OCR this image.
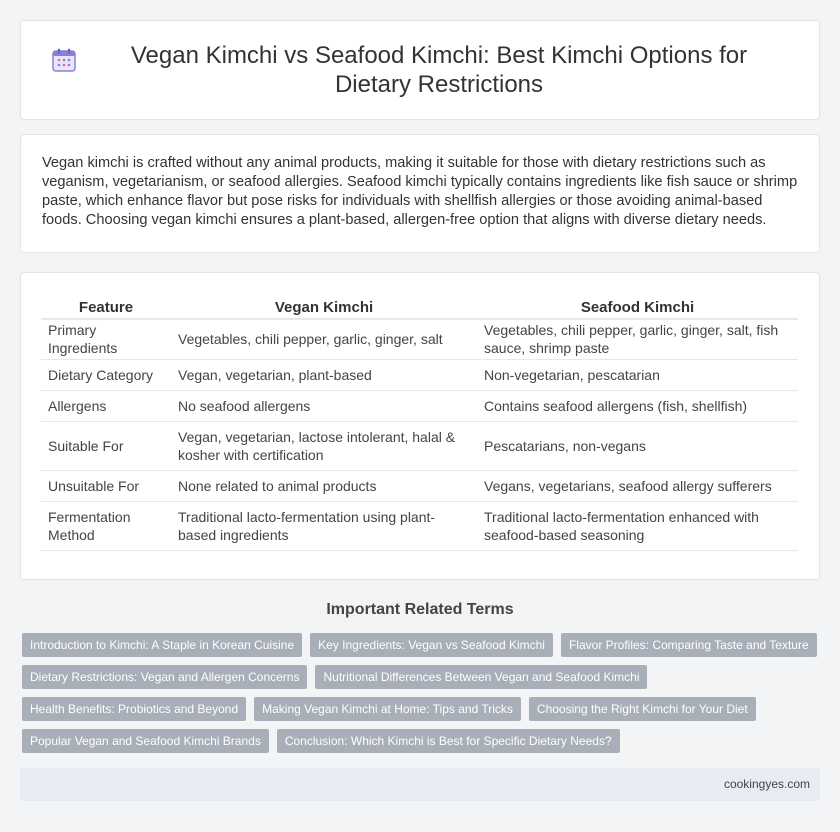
Vegan Kimchi vs Seafood Kimchi: Best Kimchi Options for Dietary Restrictions

Vegan kimchi is crafted without any animal products, making it suitable for those with dietary restrictions such as veganism, vegetarianism, or seafood allergies. Seafood kimchi typically contains ingredients like fish sauce or shrimp paste, which enhance flavor but pose risks for individuals with shellfish allergies or those avoiding animal-based foods. Choosing vegan kimchi ensures a plant-based, allergen-free option that aligns with diverse dietary needs.

Feature	Vegan Kimchi	Seafood Kimchi
Primary Ingredients	Vegetables, chili pepper, garlic, ginger, salt	Vegetables, chili pepper, garlic, ginger, salt, fish sauce, shrimp paste
Dietary Category	Vegan, vegetarian, plant-based	Non-vegetarian, pescatarian
Allergens	No seafood allergens	Contains seafood allergens (fish, shellfish)
Suitable For	Vegan, vegetarian, lactose intolerant, halal & kosher with certification	Pescatarians, non-vegans
Unsuitable For	None related to animal products	Vegans, vegetarians, seafood allergy sufferers
Fermentation Method	Traditional lacto-fermentation using plant-based ingredients	Traditional lacto-fermentation enhanced with seafood-based seasoning
Important Related Terms
Introduction to Kimchi: A Staple in Korean Cuisine	Key Ingredients: Vegan vs Seafood Kimchi	Flavor Profiles: Comparing Taste and Texture
Dietary Restrictions: Vegan and Allergen Concerns	Nutritional Differences Between Vegan and Seafood Kimchi
Health Benefits: Probiotics and Beyond	Making Vegan Kimchi at Home: Tips and Tricks	Choosing the Right Kimchi for Your Diet
Popular Vegan and Seafood Kimchi Brands	Conclusion: Which Kimchi is Best for Specific Dietary Needs?
cookingyes.com
